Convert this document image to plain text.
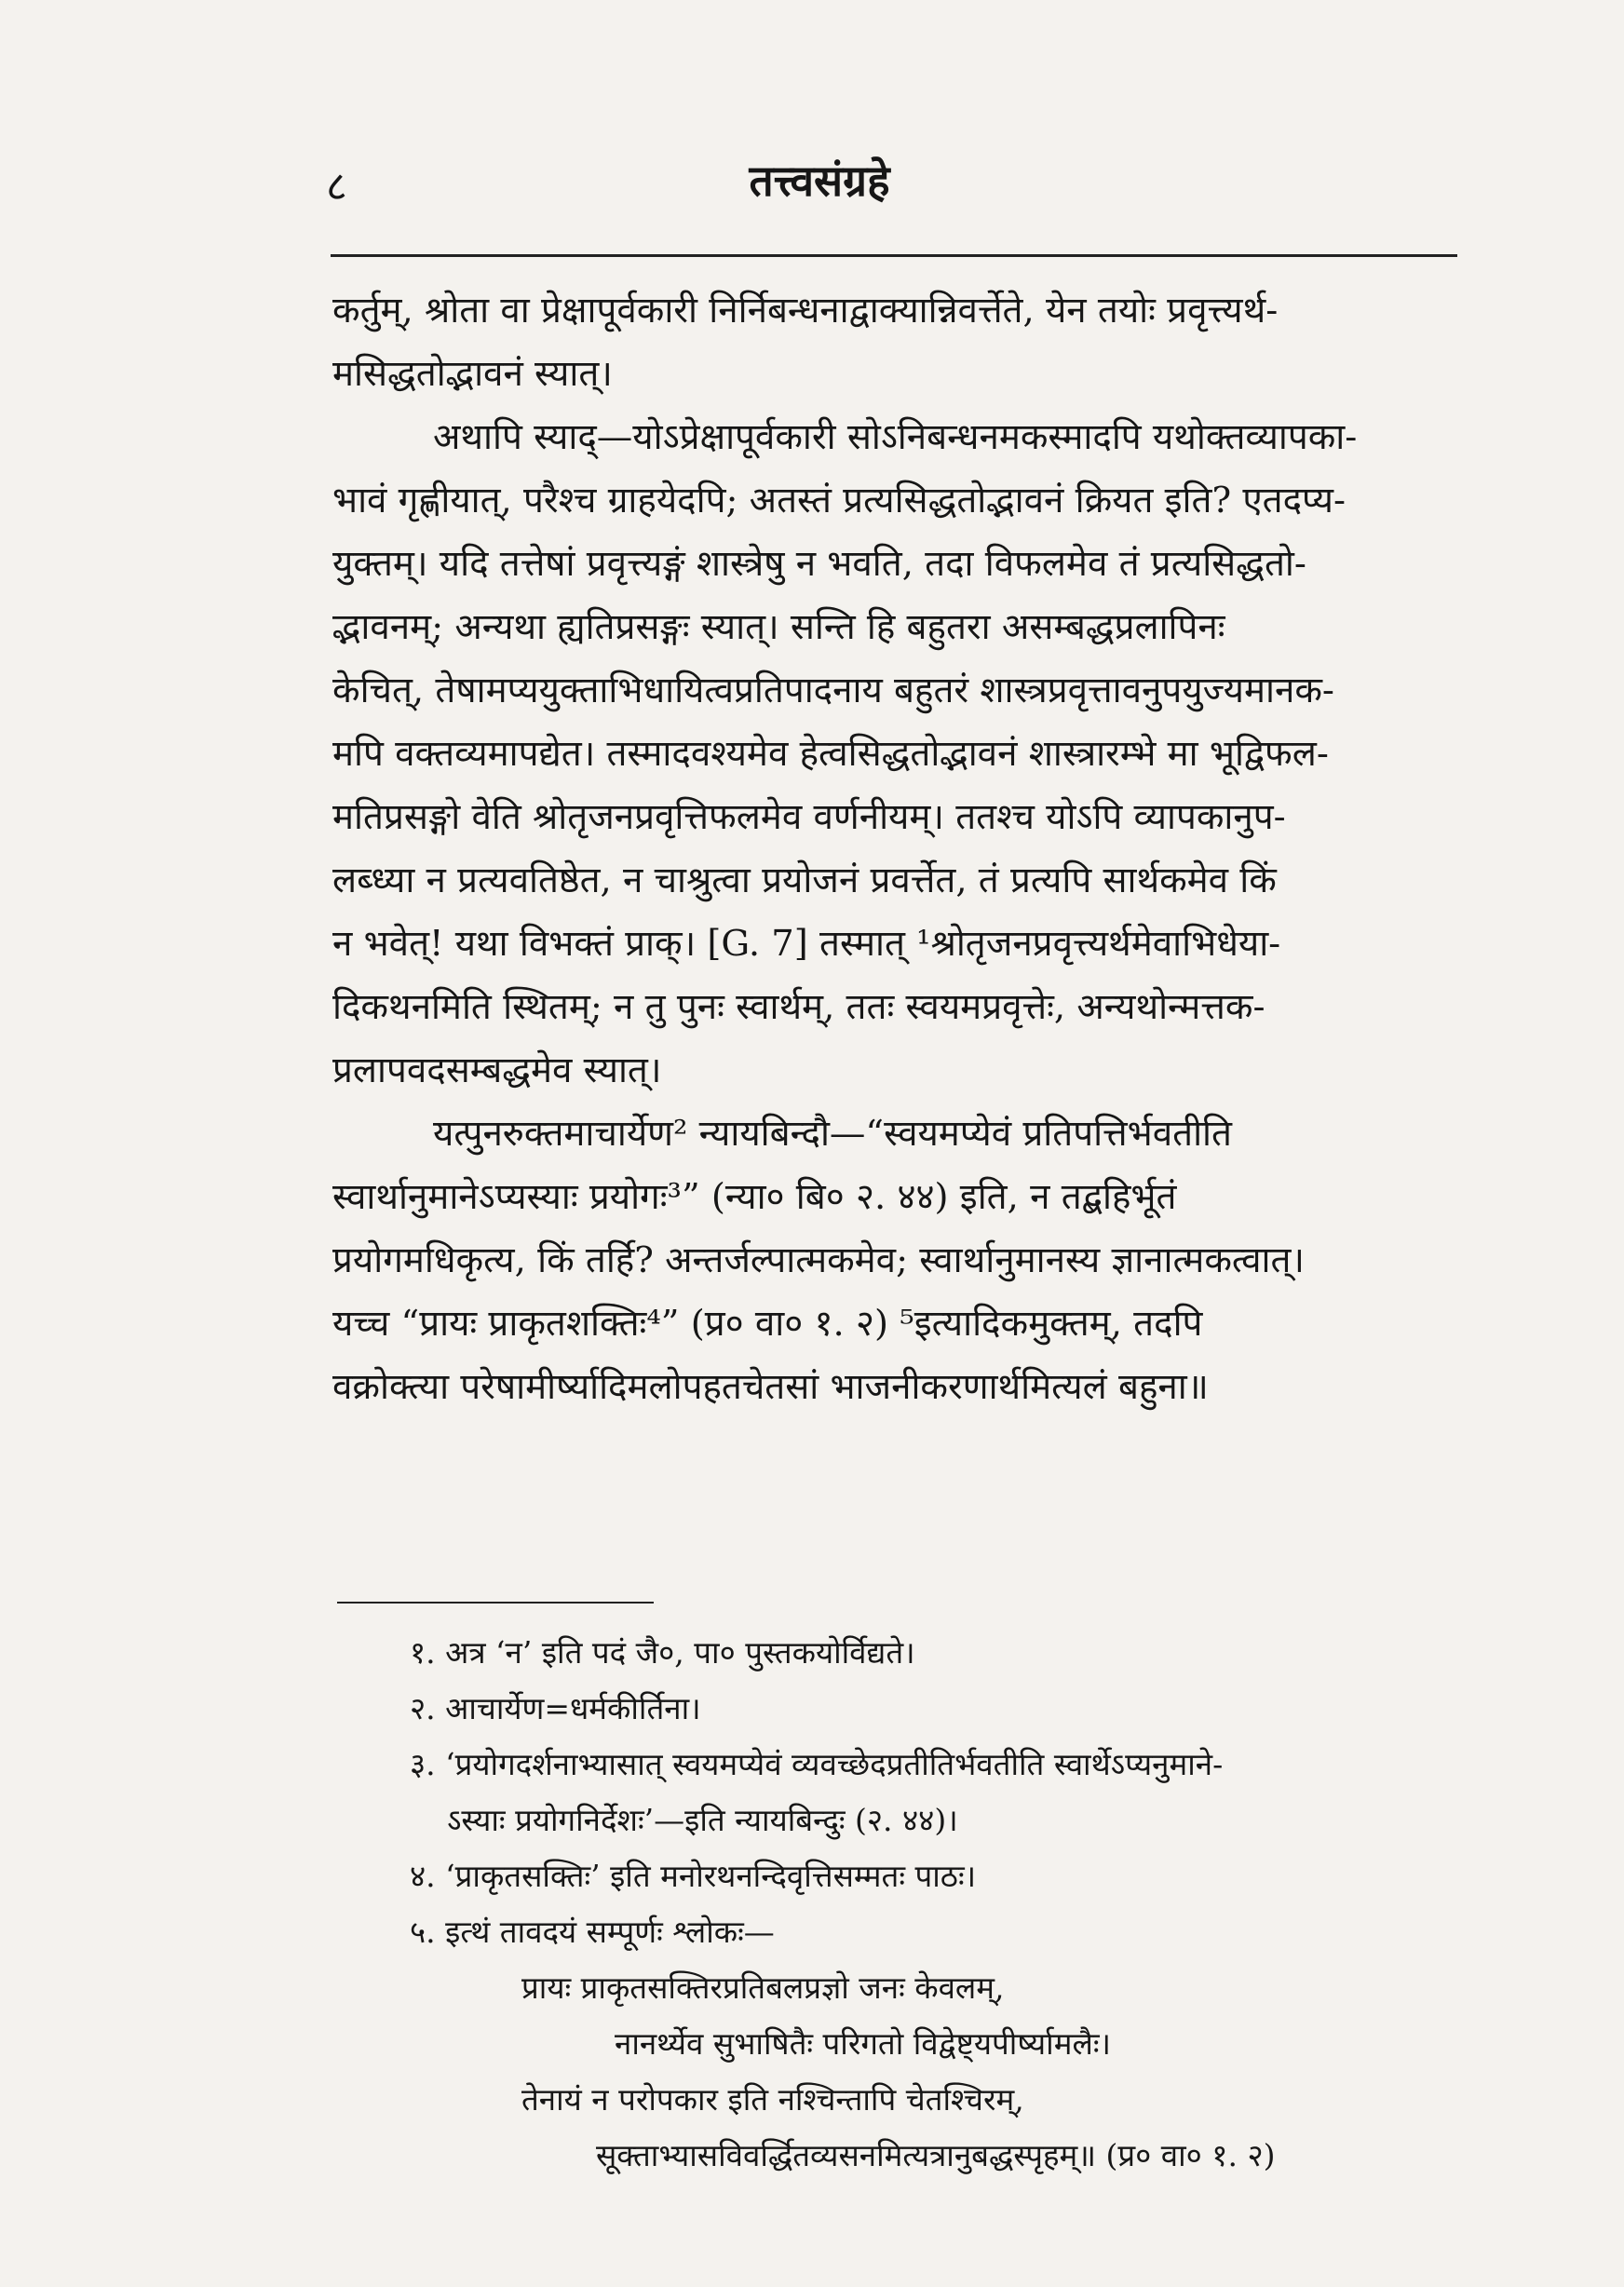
८	तत्त्वसंग्रहे
कर्तुम्, श्रोता वा प्रेक्षापूर्वकारी निर्निबन्धनाद्वाक्यान्निवर्त्तेते, येन तयोः प्रवृत्त्यर्थ-
मसिद्धतोद्भावनं स्यात्।
अथापि स्याद्—योऽप्रेक्षापूर्वकारी सोऽनिबन्धनमकस्मादपि यथोक्तव्यापका-
भावं गृह्णीयात्, परैश्च ग्राहयेदपि; अतस्तं प्रत्यसिद्धतोद्भावनं क्रियत इति? एतदप्य-
युक्तम्। यदि तत्तेषां प्रवृत्त्यङ्गं शास्त्रेषु न भवति, तदा विफलमेव तं प्रत्यसिद्धतो-
द्भावनम्; अन्यथा ह्यतिप्रसङ्गः स्यात्। सन्ति हि बहुतरा असम्बद्धप्रलापिनः
केचित्, तेषामप्ययुक्ताभिधायित्वप्रतिपादनाय बहुतरं शास्त्रप्रवृत्तावनुपयुज्यमानक-
मपि वक्तव्यमापद्येत। तस्मादवश्यमेव हेत्वसिद्धतोद्भावनं शास्त्रारम्भे मा भूद्विफल-
मतिप्रसङ्गो वेति श्रोतृजनप्रवृत्तिफलमेव वर्णनीयम्। ततश्च योऽपि व्यापकानुप-
लब्ध्या न प्रत्यवतिष्ठेत, न चाश्रुत्वा प्रयोजनं प्रवर्त्तेत, तं प्रत्यपि सार्थकमेव किं
न भवेत्! यथा विभक्तं प्राक्। [G. 7] तस्मात् ¹श्रोतृजनप्रवृत्त्यर्थमेवाभिधेया-
दिकथनमिति स्थितम्; न तु पुनः स्वार्थम्, ततः स्वयमप्रवृत्तेः, अन्यथोन्मत्तक-
प्रलापवदसम्बद्धमेव स्यात्।
यत्पुनरुक्तमाचार्येण² न्यायबिन्दौ—“स्वयमप्येवं प्रतिपत्तिर्भवतीति
स्वार्थानुमानेऽप्यस्याः प्रयोगः³” (न्या० बि० २. ४४) इति, न तद्बहिर्भूतं
प्रयोगमधिकृत्य, किं तर्हि? अन्तर्जल्पात्मकमेव; स्वार्थानुमानस्य ज्ञानात्मकत्वात्।
यच्च “प्रायः प्राकृतशक्तिः⁴” (प्र० वा० १. २) ⁵इत्यादिकमुक्तम्, तदपि
वक्रोक्त्या परेषामीर्ष्यादिमलोपहतचेतसां भाजनीकरणार्थमित्यलं बहुना॥
१. अत्र ‘न’ इति पदं जै०, पा० पुस्तकयोर्विद्यते।
२. आचार्येण=धर्मकीर्तिना।
३. ‘प्रयोगदर्शनाभ्यासात् स्वयमप्येवं व्यवच्छेदप्रतीतिर्भवतीति स्वार्थेऽप्यनुमाने-
ऽस्याः प्रयोगनिर्देशः’—इति न्यायबिन्दुः (२. ४४)।
४. ‘प्राकृतसक्तिः’ इति मनोरथनन्दिवृत्तिसम्मतः पाठः।
५. इत्थं तावदयं सम्पूर्णः श्लोकः—
प्रायः प्राकृतसक्तिरप्रतिबलप्रज्ञो जनः केवलम्,
नानर्थ्येव सुभाषितैः परिगतो विद्वेष्ट्यपीर्ष्यामलैः।
तेनायं न परोपकार इति नश्चिन्तापि चेतश्चिरम्,
सूक्ताभ्यासविवर्द्धितव्यसनमित्यत्रानुबद्धस्पृहम्॥ (प्र० वा० १. २)
